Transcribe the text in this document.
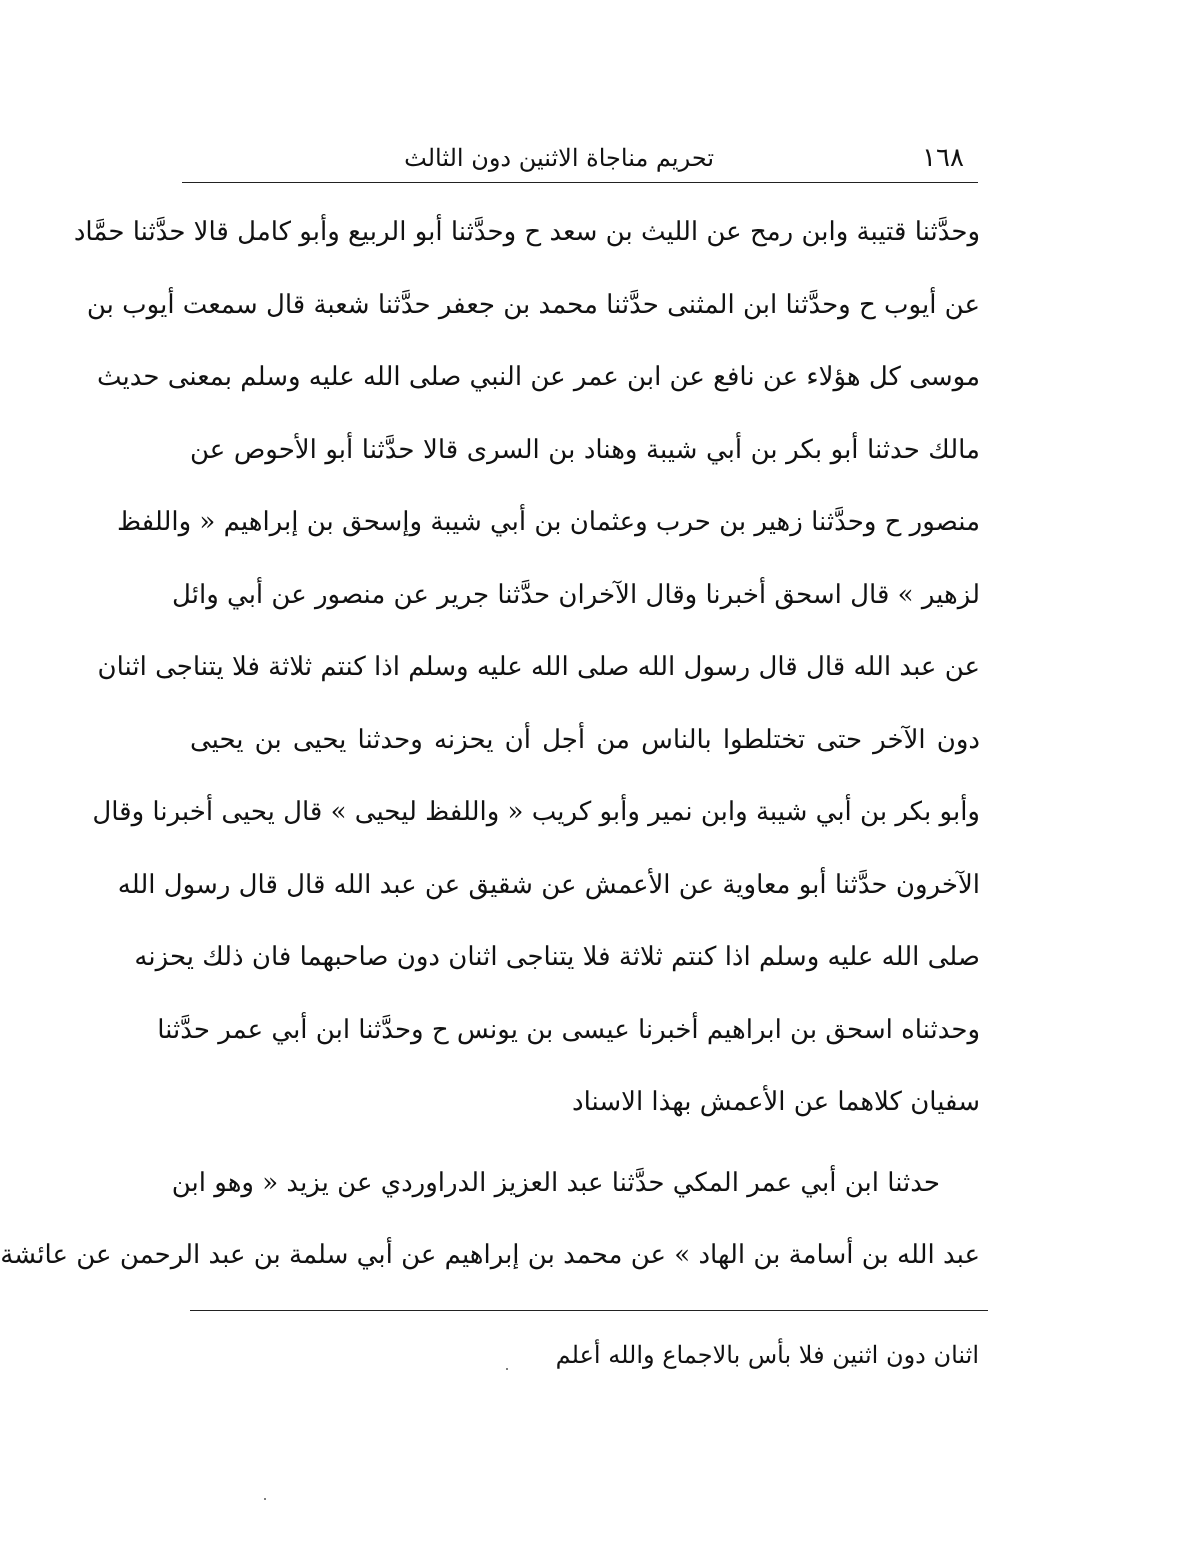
١٦٨
تحريم مناجاة الاثنين دون الثالث
وحدَّثنا قتيبة وابن رمح عن الليث بن سعد ح وحدَّثنا أبو الربيع وأبو كامل قالا حدَّثنا حمَّاد
عن أيوب ح وحدَّثنا ابن المثنى حدَّثنا محمد بن جعفر حدَّثنا شعبة قال سمعت أيوب بن
موسى كل هؤلاء عن نافع عن ابن عمر عن النبي صلى الله عليه وسلم بمعنى حديث
مالك حدثنا أبو بكر بن أبي شيبة وهناد بن السرى قالا حدَّثنا أبو الأحوص عن
منصور ح وحدَّثنا زهير بن حرب وعثمان بن أبي شيبة وإسحق بن إبراهيم « واللفظ
لزهير » قال اسحق أخبرنا وقال الآخران حدَّثنا جرير عن منصور عن أبي وائل
عن عبد الله قال قال رسول الله صلى الله عليه وسلم اذا كنتم ثلاثة فلا يتناجى اثنان
دون الآخر حتى تختلطوا بالناس من أجل أن يحزنه وحدثنا يحيى بن يحيى
وأبو بكر بن أبي شيبة وابن نمير وأبو كريب « واللفظ ليحيى » قال يحيى أخبرنا وقال
الآخرون حدَّثنا أبو معاوية عن الأعمش عن شقيق عن عبد الله قال قال رسول الله
صلى الله عليه وسلم اذا كنتم ثلاثة فلا يتناجى اثنان دون صاحبهما فان ذلك يحزنه
وحدثناه اسحق بن ابراهيم أخبرنا عيسى بن يونس ح وحدَّثنا ابن أبي عمر حدَّثنا
سفيان كلاهما عن الأعمش بهذا الاسناد
حدثنا ابن أبي عمر المكي حدَّثنا عبد العزيز الدراوردي عن يزيد « وهو ابن
عبد الله بن أسامة بن الهاد » عن محمد بن إبراهيم عن أبي سلمة بن عبد الرحمن عن عائشة
اثنان دون اثنين فلا بأس بالاجماع والله أعلم
